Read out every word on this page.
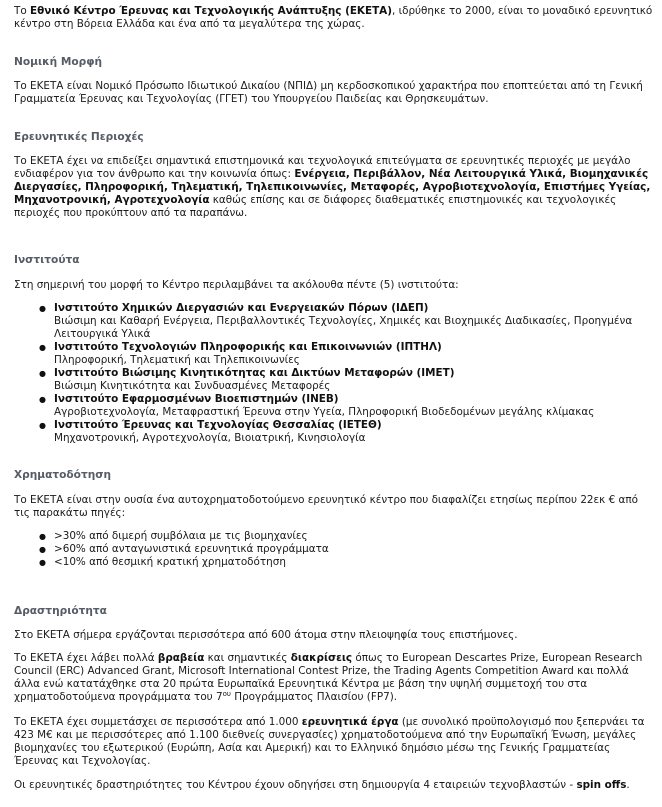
Το Εθνικό Κέντρο Έρευνας και Τεχνολογικής Ανάπτυξης (ΕΚΕΤΑ), ιδρύθηκε το 2000, είναι το μοναδικό ερευνητικό κέντρο στη Βόρεια Ελλάδα και ένα από τα μεγαλύτερα της χώρας.

Νομική Μορφή

Το ΕΚΕΤΑ είναι Νομικό Πρόσωπο Ιδιωτικού Δικαίου (ΝΠΙΔ) μη κερδοσκοπικού χαρακτήρα που εποπτεύεται από τη Γενική Γραμματεία Έρευνας και Τεχνολογίας (ΓΓΕΤ) του Υπουργείου Παιδείας και Θρησκευμάτων.

Ερευνητικές Περιοχές

Το ΕΚΕΤΑ έχει να επιδείξει σημαντικά επιστημονικά και τεχνολογικά επιτεύγματα σε ερευνητικές περιοχές με μεγάλο ενδιαφέρον για τον άνθρωπο και την κοινωνία όπως: Ενέργεια, Περιβάλλον, Νέα Λειτουργικά Υλικά, Βιομηχανικές Διεργασίες, Πληροφορική, Τηλεματική, Τηλεπικοινωνίες, Μεταφορές, Αγροβιοτεχνολογία, Επιστήμες Υγείας, Μηχανοτρονική, Αγροτεχνολογία καθώς επίσης και σε διάφορες διαθεματικές επιστημονικές και τεχνολογικές περιοχές που προκύπτουν από τα παραπάνω.

Ινστιτούτα

Στη σημερινή του μορφή το Κέντρο περιλαμβάνει τα ακόλουθα πέντε (5) ινστιτούτα:

● Ινστιτούτο Χημικών Διεργασιών και Ενεργειακών Πόρων (ΙΔΕΠ)
Βιώσιμη και Καθαρή Ενέργεια, Περιβαλλοντικές Τεχνολογίες, Χημικές και Βιοχημικές Διαδικασίες, Προηγμένα Λειτουργικά Υλικά
● Ινστιτούτο Τεχνολογιών Πληροφορικής και Επικοινωνιών (ΙΠΤΗΛ)
Πληροφορική, Τηλεματική και Τηλεπικοινωνίες
● Ινστιτούτο Βιώσιμης Κινητικότητας και Δικτύων Μεταφορών (ΙΜΕΤ)
Βιώσιμη Κινητικότητα και Συνδυασμένες Μεταφορές
● Ινστιτούτο Εφαρμοσμένων Βιοεπιστημών (ΙΝΕΒ)
Αγροβιοτεχνολογία, Μεταφραστική Έρευνα στην Υγεία, Πληροφορική Βιοδεδομένων μεγάλης κλίμακας
● Ινστιτούτο Έρευνας και Τεχνολογίας Θεσσαλίας (ΙΕΤΕΘ)
Μηχανοτρονική, Αγροτεχνολογία, Βιοιατρική, Κινησιολογία
Χρηματοδότηση

Το ΕΚΕΤΑ είναι στην ουσία ένα αυτοχρηματοδοτούμενο ερευνητικό κέντρο που διαφαλίζει ετησίως περίπου 22εκ € από τις παρακάτω πηγές:

● >30% από διμερή συμβόλαια με τις βιομηχανίες
● >60% από ανταγωνιστικά ερευνητικά προγράμματα
● <10% από θεσμική κρατική χρηματοδότηση
Δραστηριότητα

Στο ΕΚΕΤΑ σήμερα εργάζονται περισσότερα από 600 άτομα στην πλειοψηφία τους επιστήμονες.

Το ΕΚΕΤΑ έχει λάβει πολλά βραβεία και σημαντικές διακρίσεις όπως το European Descartes Prize, European Research Council (ERC) Advanced Grant, Microsoft International Contest Prize, the Trading Agents Competition Award και πολλά άλλα ενώ κατατάχθηκε στα 20 πρώτα Ευρωπαϊκά Ερευνητικά Κέντρα με βάση την υψηλή συμμετοχή του στα χρηματοδοτούμενα προγράμματα του $7^{o\upsilon}$ Προγράμματος Πλαισίου (FP7).

Το ΕΚΕΤΑ έχει συμμετάσχει σε περισσότερα από 1.000 ερευνητικά έργα (με συνολικό προϋπολογισμό που ξεπερνάει τα 423 Μ€ και με περισσότερες από 1.100 διεθνείς συνεργασίες) χρηματοδοτούμενα από την Ευρωπαϊκή Ένωση, μεγάλες βιομηχανίες του εξωτερικού (Ευρώπη, Ασία και Αμερική) και το Ελληνικό δημόσιο μέσω της Γενικής Γραμματείας Έρευνας και Τεχνολογίας.

Οι ερευνητικές δραστηριότητες του Κέντρου έχουν οδηγήσει στη δημιουργία 4 εταιρειών τεχνοβλαστών - spin offs.
